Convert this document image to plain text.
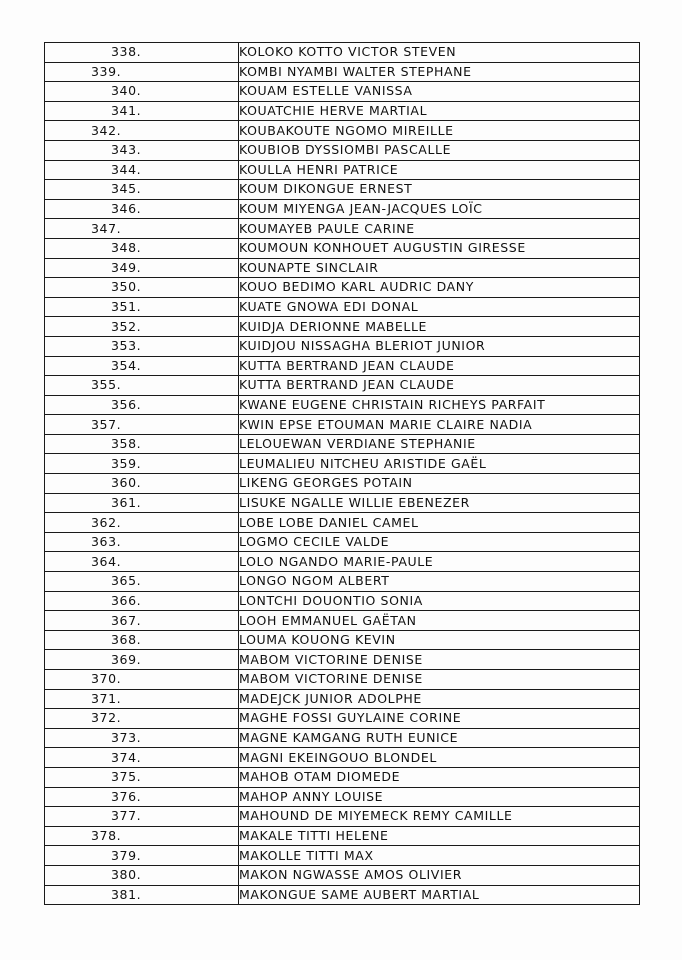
338.	KOLOKO KOTTO VICTOR STEVEN
339.	KOMBI NYAMBI WALTER STEPHANE
340.	KOUAM ESTELLE VANISSA
341.	KOUATCHIE HERVE MARTIAL
342.	KOUBAKOUTE NGOMO MIREILLE
343.	KOUBIOB DYSSIOMBI PASCALLE
344.	KOULLA HENRI PATRICE
345.	KOUM DIKONGUE ERNEST
346.	KOUM MIYENGA JEAN-JACQUES LOÏC
347.	KOUMAYEB PAULE CARINE
348.	KOUMOUN KONHOUET AUGUSTIN GIRESSE
349.	KOUNAPTE SINCLAIR
350.	KOUO BEDIMO KARL AUDRIC DANY
351.	KUATE GNOWA EDI DONAL
352.	KUIDJA DERIONNE MABELLE
353.	KUIDJOU NISSAGHA BLERIOT JUNIOR
354.	KUTTA BERTRAND JEAN CLAUDE
355.	KUTTA BERTRAND JEAN CLAUDE
356.	KWANE EUGENE CHRISTAIN RICHEYS PARFAIT
357.	KWIN EPSE ETOUMAN MARIE CLAIRE NADIA
358.	LELOUEWAN VERDIANE STEPHANIE
359.	LEUMALIEU NITCHEU ARISTIDE GAËL
360.	LIKENG GEORGES POTAIN
361.	LISUKE NGALLE WILLIE EBENEZER
362.	LOBE LOBE DANIEL CAMEL
363.	LOGMO CECILE VALDE
364.	LOLO NGANDO MARIE-PAULE
365.	LONGO NGOM ALBERT
366.	LONTCHI DOUONTIO SONIA
367.	LOOH EMMANUEL GAËTAN
368.	LOUMA KOUONG KEVIN
369.	MABOM VICTORINE DENISE
370.	MABOM VICTORINE DENISE
371.	MADEJCK JUNIOR ADOLPHE
372.	MAGHE FOSSI GUYLAINE CORINE
373.	MAGNE KAMGANG RUTH EUNICE
374.	MAGNI EKEINGOUO BLONDEL
375.	MAHOB OTAM DIOMEDE
376.	MAHOP ANNY LOUISE
377.	MAHOUND DE MIYEMECK REMY CAMILLE
378.	MAKALE TITTI HELENE
379.	MAKOLLE TITTI MAX
380.	MAKON NGWASSE AMOS OLIVIER
381.	MAKONGUE SAME AUBERT MARTIAL
